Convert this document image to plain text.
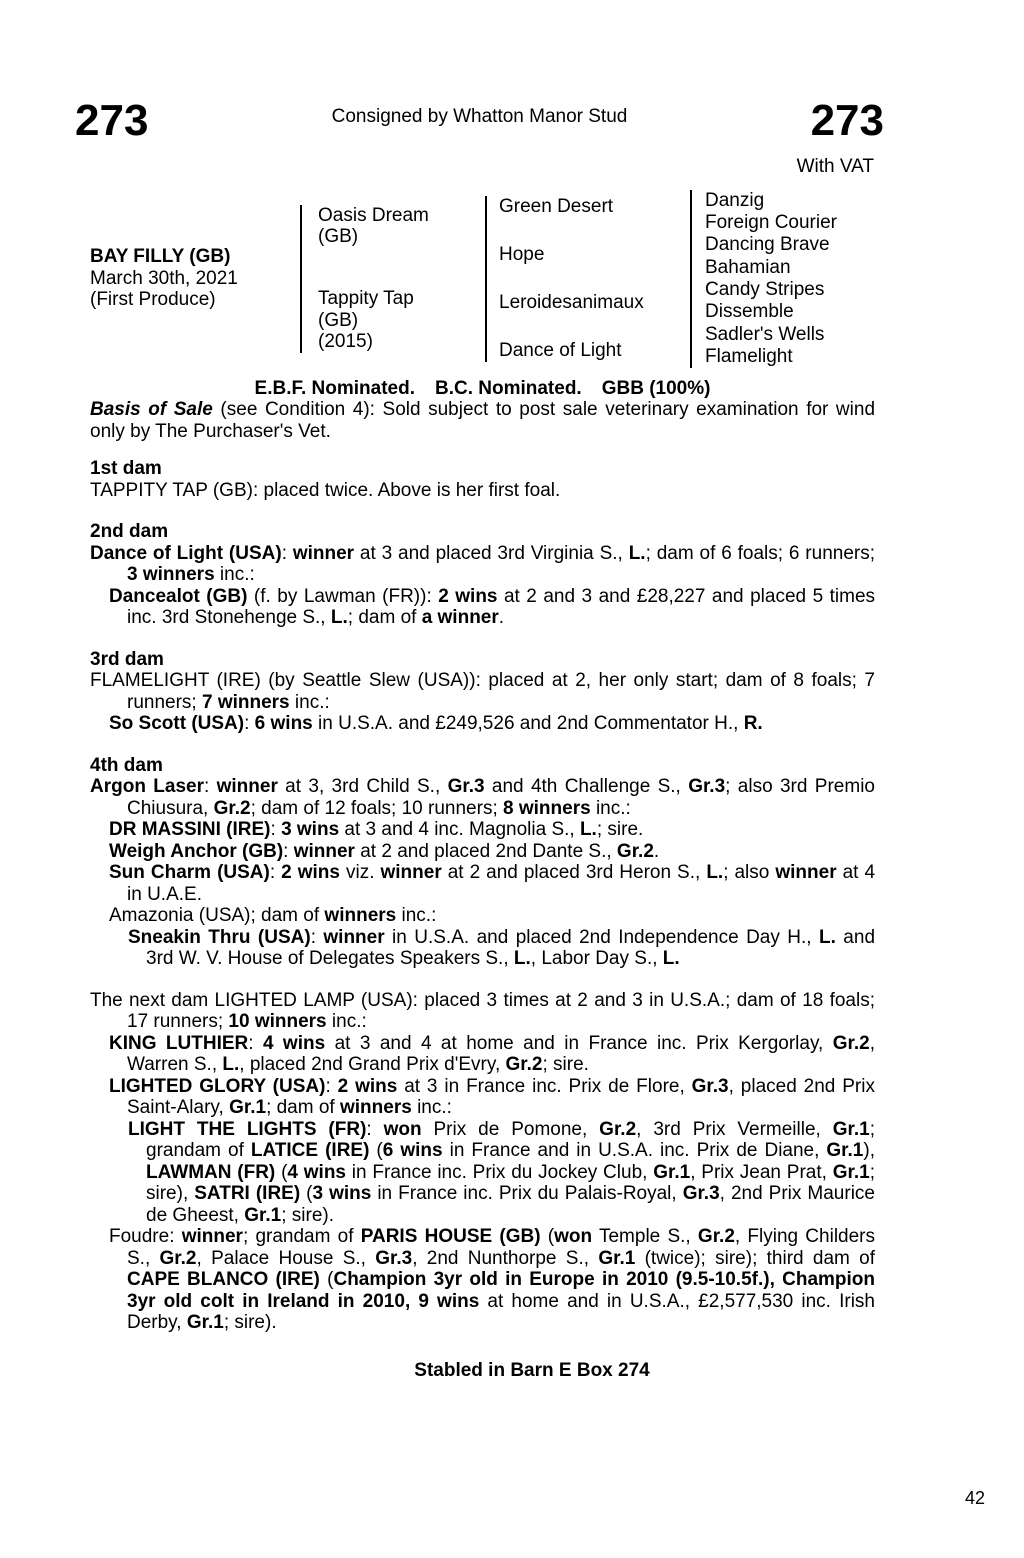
273	Consigned by Whatton Manor Stud	273
With VAT
BAY FILLY (GB)
March 30th, 2021
(First Produce)
Oasis Dream
(GB)
Tappity Tap
(GB)
(2015)
Green Desert
Hope
Leroidesanimaux
Dance of Light
Danzig
Foreign Courier
Dancing Brave
Bahamian
Candy Stripes
Dissemble
Sadler's Wells
Flamelight
E.B.F. Nominated. B.C. Nominated. GBB (100%)

Basis of Sale (see Condition 4): Sold subject to post sale veterinary examination for wind only by The Purchaser's Vet.

1st dam

TAPPITY TAP (GB): placed twice. Above is her first foal.

2nd dam

Dance of Light (USA): winner at 3 and placed 3rd Virginia S., L.; dam of 6 foals; 6 runners; 3 winners inc.:

Dancealot (GB) (f. by Lawman (FR)): 2 wins at 2 and 3 and £28,227 and placed 5 times inc. 3rd Stonehenge S., L.; dam of a winner.

3rd dam

FLAMELIGHT (IRE) (by Seattle Slew (USA)): placed at 2, her only start; dam of 8 foals; 7 runners; 7 winners inc.:

So Scott (USA): 6 wins in U.S.A. and £249,526 and 2nd Commentator H., R.

4th dam

Argon Laser: winner at 3, 3rd Child S., Gr.3 and 4th Challenge S., Gr.3; also 3rd Premio Chiusura, Gr.2; dam of 12 foals; 10 runners; 8 winners inc.:

DR MASSINI (IRE): 3 wins at 3 and 4 inc. Magnolia S., L.; sire.

Weigh Anchor (GB): winner at 2 and placed 2nd Dante S., Gr.2.

Sun Charm (USA): 2 wins viz. winner at 2 and placed 3rd Heron S., L.; also winner at 4 in U.A.E.

Amazonia (USA); dam of winners inc.:

Sneakin Thru (USA): winner in U.S.A. and placed 2nd Independence Day H., L. and 3rd W. V. House of Delegates Speakers S., L., Labor Day S., L.

The next dam LIGHTED LAMP (USA): placed 3 times at 2 and 3 in U.S.A.; dam of 18 foals; 17 runners; 10 winners inc.:

KING LUTHIER: 4 wins at 3 and 4 at home and in France inc. Prix Kergorlay, Gr.2, Warren S., L., placed 2nd Grand Prix d'Evry, Gr.2; sire.

LIGHTED GLORY (USA): 2 wins at 3 in France inc. Prix de Flore, Gr.3, placed 2nd Prix Saint-Alary, Gr.1; dam of winners inc.:

LIGHT THE LIGHTS (FR): won Prix de Pomone, Gr.2, 3rd Prix Vermeille, Gr.1; grandam of LATICE (IRE) (6 wins in France and in U.S.A. inc. Prix de Diane, Gr.1), LAWMAN (FR) (4 wins in France inc. Prix du Jockey Club, Gr.1, Prix Jean Prat, Gr.1; sire), SATRI (IRE) (3 wins in France inc. Prix du Palais-Royal, Gr.3, 2nd Prix Maurice de Gheest, Gr.1; sire).

Foudre: winner; grandam of PARIS HOUSE (GB) (won Temple S., Gr.2, Flying Childers S., Gr.2, Palace House S., Gr.3, 2nd Nunthorpe S., Gr.1 (twice); sire); third dam of CAPE BLANCO (IRE) (Champion 3yr old in Europe in 2010 (9.5-10.5f.), Champion 3yr old colt in Ireland in 2010, 9 wins at home and in U.S.A., £2,577,530 inc. Irish Derby, Gr.1; sire).

Stabled in Barn E Box 274
42
